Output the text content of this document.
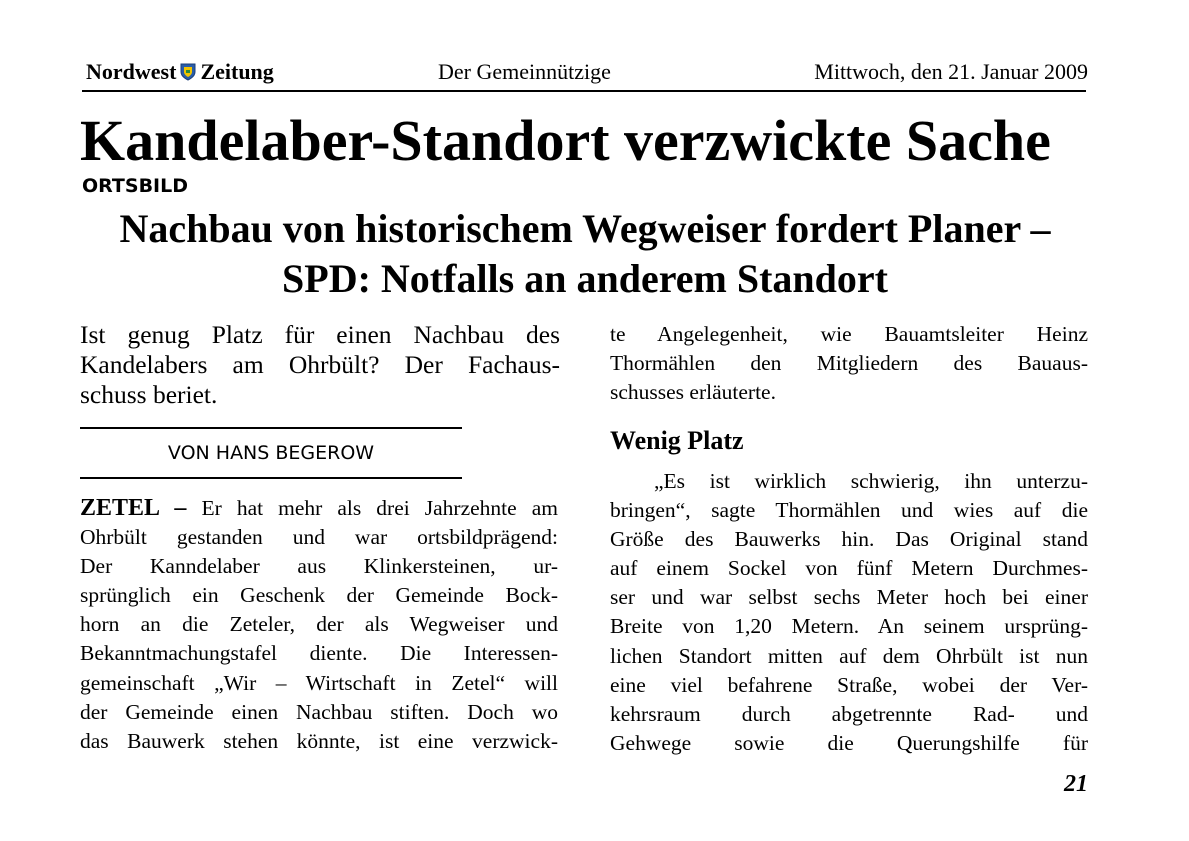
Nordwest Zeitung	Der Gemeinnützige	Mittwoch, den 21. Januar 2009
Kandelaber-Standort verzwickte Sache
ORTSBILD
Nachbau von historischem Wegweiser fordert Planer –
SPD: Notfalls an anderem Standort
Ist genug Platz für einen Nachbau des
Kandelabers am Ohrbült? Der Fachaus-
schuss beriet.
VON HANS BEGEROW
ZETEL – Er hat mehr als drei Jahrzehnte am
Ohrbült gestanden und war ortsbildprägend:
Der Kanndelaber aus Klinkersteinen, ur-
sprünglich ein Geschenk der Gemeinde Bock-
horn an die Zeteler, der als Wegweiser und
Bekanntmachungstafel diente. Die Interessen-
gemeinschaft „Wir – Wirtschaft in Zetel“ will
der Gemeinde einen Nachbau stiften. Doch wo
das Bauwerk stehen könnte, ist eine verzwick-
te Angelegenheit, wie Bauamtsleiter Heinz
Thormählen den Mitgliedern des Bauaus-
schusses erläuterte.
Wenig Platz
„Es ist wirklich schwierig, ihn unterzu-
bringen“, sagte Thormählen und wies auf die
Größe des Bauwerks hin. Das Original stand
auf einem Sockel von fünf Metern Durchmes-
ser und war selbst sechs Meter hoch bei einer
Breite von 1,20 Metern. An seinem ursprüng-
lichen Standort mitten auf dem Ohrbült ist nun
eine viel befahrene Straße, wobei der Ver-
kehrsraum durch abgetrennte Rad- und
Gehwege sowie die Querungshilfe für
21
